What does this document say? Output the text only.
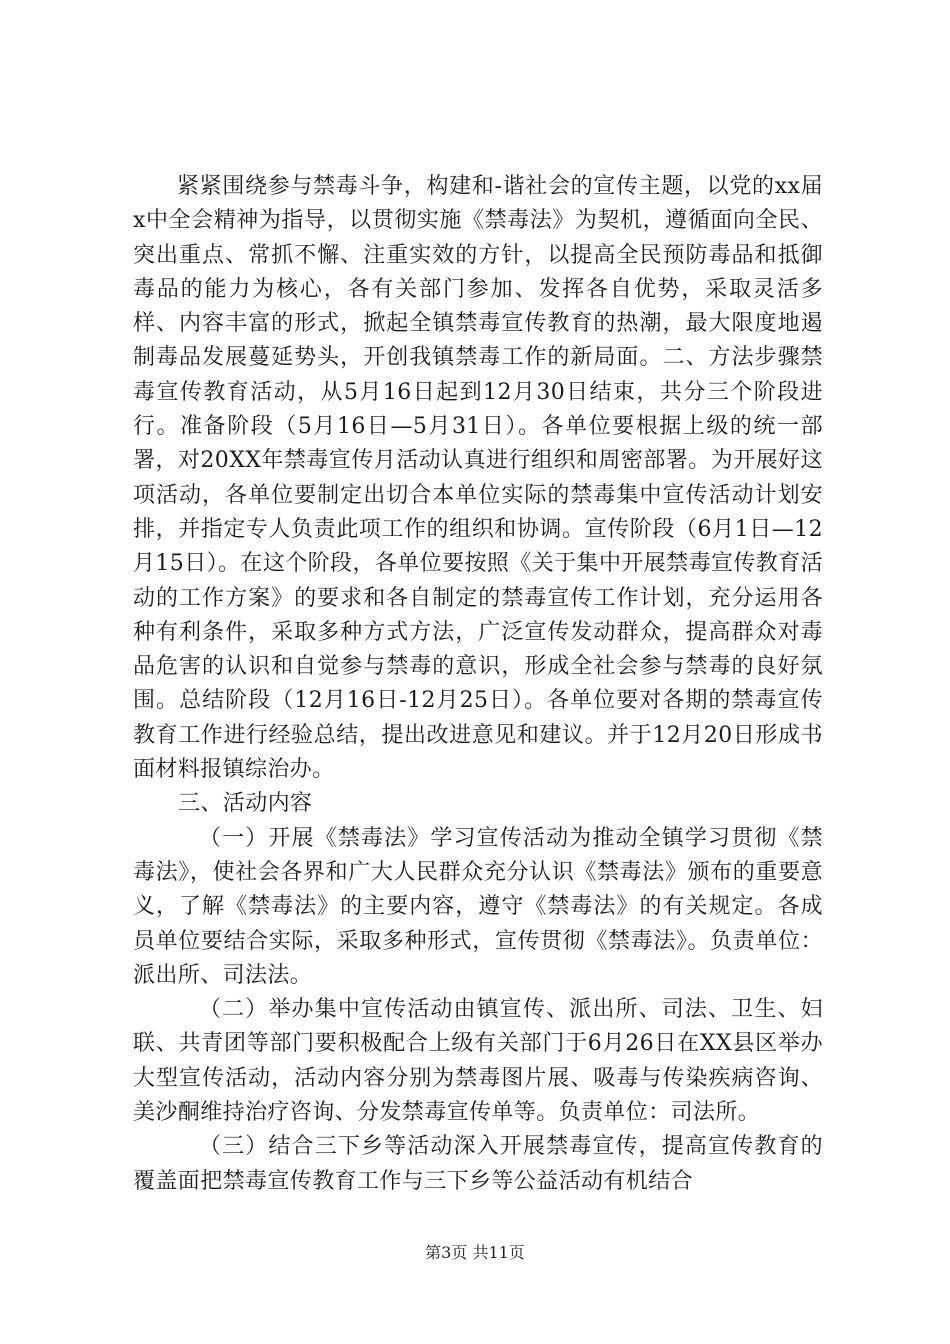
紧紧围绕参与禁毒斗争，构建和-谐社会的宣传主题，以党的xx届x中全会精神为指导，以贯彻实施《禁毒法》为契机，遵循面向全民、突出重点、常抓不懈、注重实效的方针，以提高全民预防毒品和抵御毒品的能力为核心，各有关部门参加、发挥各自优势，采取灵活多样、内容丰富的形式，掀起全镇禁毒宣传教育的热潮，最大限度地遏制毒品发展蔓延势头，开创我镇禁毒工作的新局面。二、方法步骤禁毒宣传教育活动，从5月16日起到12月30日结束，共分三个阶段进行。准备阶段（5月16日—5月31日）。各单位要根据上级的统一部署，对20XX年禁毒宣传月活动认真进行组织和周密部署。为开展好这项活动，各单位要制定出切合本单位实际的禁毒集中宣传活动计划安排，并指定专人负责此项工作的组织和协调。宣传阶段（6月1日—12月15日）。在这个阶段，各单位要按照《关于集中开展禁毒宣传教育活动的工作方案》的要求和各自制定的禁毒宣传工作计划，充分运用各种有利条件，采取多种方式方法，广泛宣传发动群众，提高群众对毒品危害的认识和自觉参与禁毒的意识，形成全社会参与禁毒的良好氛围。总结阶段（12月16日-12月25日）。各单位要对各期的禁毒宣传教育工作进行经验总结，提出改进意见和建议。并于12月20日形成书面材料报镇综治办。

三、活动内容

（一）开展《禁毒法》学习宣传活动为推动全镇学习贯彻《禁毒法》，使社会各界和广大人民群众充分认识《禁毒法》颁布的重要意义，了解《禁毒法》的主要内容，遵守《禁毒法》的有关规定。各成员单位要结合实际，采取多种形式，宣传贯彻《禁毒法》。负责单位：派出所、司法法。

（二）举办集中宣传活动由镇宣传、派出所、司法、卫生、妇联、共青团等部门要积极配合上级有关部门于6月26日在XX县区举办大型宣传活动，活动内容分别为禁毒图片展、吸毒与传染疾病咨询、美沙酮维持治疗咨询、分发禁毒宣传单等。负责单位：司法所。

（三）结合三下乡等活动深入开展禁毒宣传，提高宣传教育的覆盖面把禁毒宣传教育工作与三下乡等公益活动有机结合

第3页 共11页
